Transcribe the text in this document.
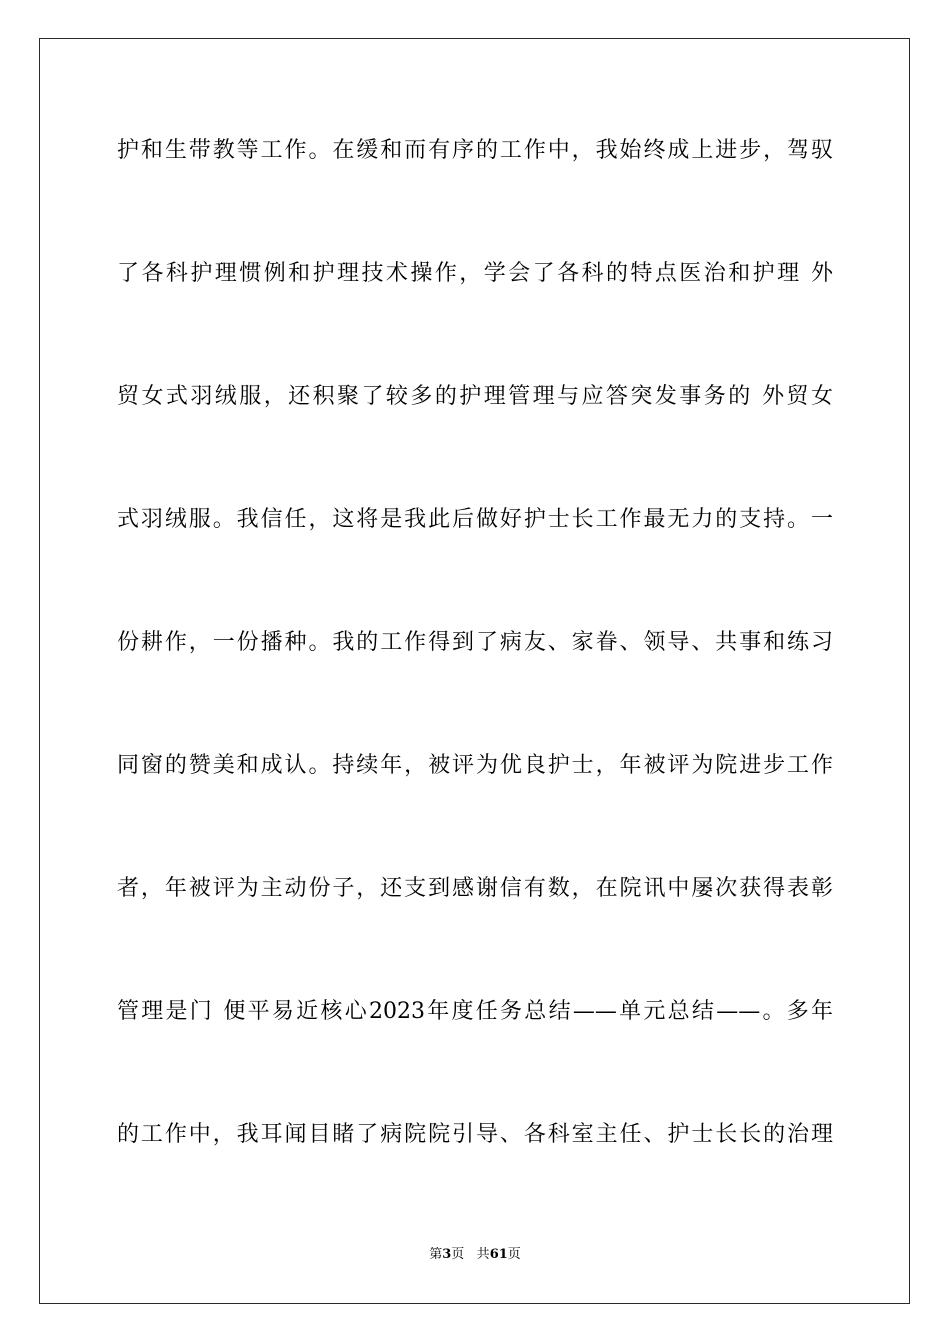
护和生带教等工作。在缓和而有序的工作中，我始终成上进步，驾驭
了各科护理惯例和护理技术操作，学会了各科的特点医治和护理 外
贸女式羽绒服，还积聚了较多的护理管理与应答突发事务的 外贸女
式羽绒服。我信任，这将是我此后做好护士长工作最无力的支持。一
份耕作，一份播种。我的工作得到了病友、家眷、领导、共事和练习
同窗的赞美和成认。持续年，被评为优良护士，年被评为院进步工作
者，年被评为主动份子，还支到感谢信有数，在院讯中屡次获得表彰
管理是门 便平易近核心2023年度任务总结——单元总结——。多年
的工作中，我耳闻目睹了病院院引导、各科室主任、护士长长的治理
第3页 共61页
